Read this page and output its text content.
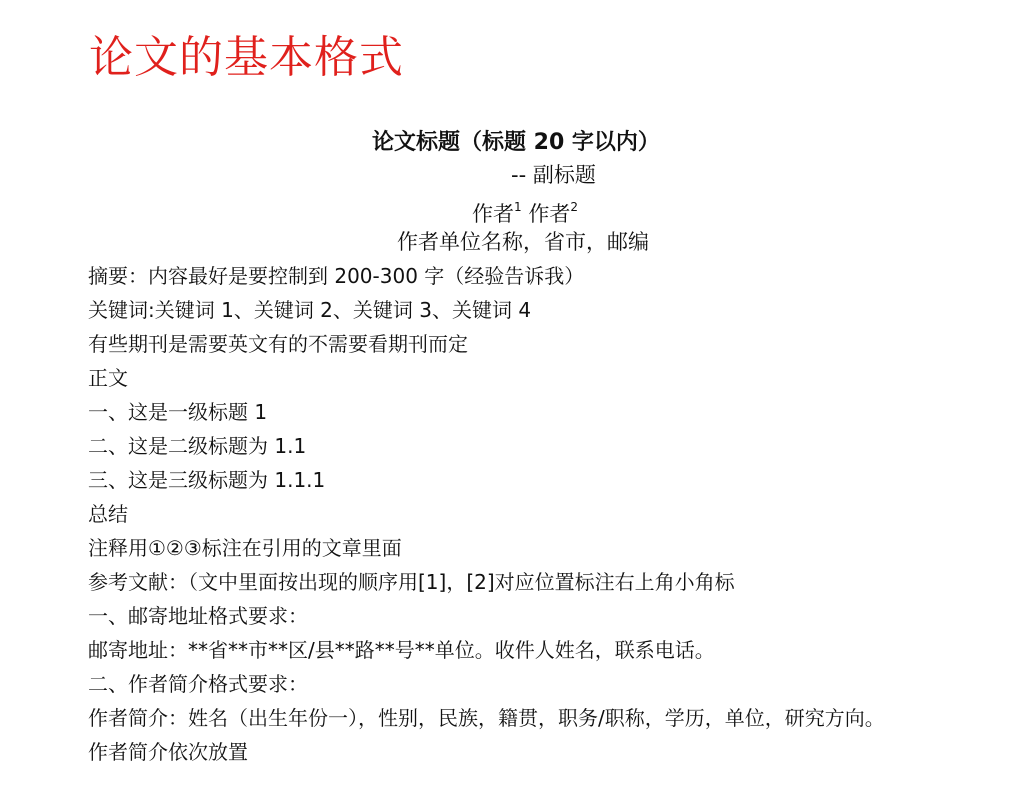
论文的基本格式
论文标题（标题 20 字以内）
-- 副标题
作者$^1$ 作者$^2$
作者单位名称，省市，邮编
摘要：内容最好是要控制到 200-300 字（经验告诉我）
关键词:关键词 1、关键词 2、关键词 3、关键词 4
有些期刊是需要英文有的不需要看期刊而定
正文
一、这是一级标题 1
二、这是二级标题为 1.1
三、这是三级标题为 1.1.1
总结
注释用①②③标注在引用的文章里面
参考文献：（文中里面按出现的顺序用[1]，[2]对应位置标注右上角小角标
一、邮寄地址格式要求：
邮寄地址：**省**市**区/县**路**号**单位。收件人姓名，联系电话。
二、作者简介格式要求：
作者简介：姓名（出生年份一），性别，民族，籍贯，职务/职称，学历，单位，研究方向。
作者简介依次放置
